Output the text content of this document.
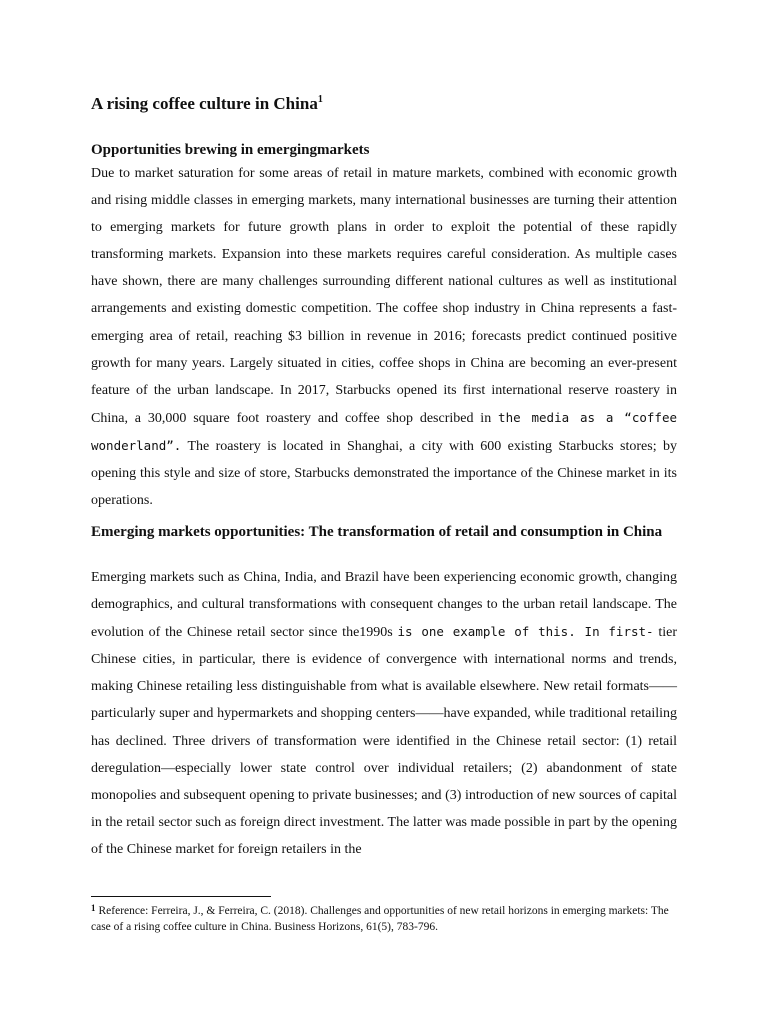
A rising coffee culture in China$^1$
Opportunities brewing in emergingmarkets

Due to market saturation for some areas of retail in mature markets, combined with economic growth and rising middle classes in emerging markets, many international businesses are turning their attention to emerging markets for future growth plans in order to exploit the potential of these rapidly transforming markets. Expansion into these markets requires careful consideration. As multiple cases have shown, there are many challenges surrounding different national cultures as well as institutional arrangements and existing domestic competition. The coffee shop industry in China represents a fast-emerging area of retail, reaching $3 billion in revenue in 2016; forecasts predict continued positive growth for many years. Largely situated in cities, coffee shops in China are becoming an ever-present feature of the urban landscape. In 2017, Starbucks opened its first international reserve roastery in China, a 30,000 square foot roastery and coffee shop described in the media as a “coffee wonderland”. The roastery is located in Shanghai, a city with 600 existing Starbucks stores; by opening this style and size of store, Starbucks demonstrated the importance of the Chinese market in its operations.

Emerging markets opportunities: The transformation of retail and consumption in China

Emerging markets such as China, India, and Brazil have been experiencing economic growth, changing demographics, and cultural transformations with consequent changes to the urban retail landscape. The evolution of the Chinese retail sector since the1990s is one example of this. In first- tier Chinese cities, in particular, there is evidence of convergence with international norms and trends, making Chinese retailing less distinguishable from what is available elsewhere. New retail formats——particularly super and hypermarkets and shopping centers——have expanded, while traditional retailing has declined. Three drivers of transformation were identified in the Chinese retail sector: (1) retail deregulation—especially lower state control over individual retailers; (2) abandonment of state monopolies and subsequent opening to private businesses; and (3) introduction of new sources of capital in the retail sector such as foreign direct investment. The latter was made possible in part by the opening of the Chinese market for foreign retailers in the

$^1$ Reference: Ferreira, J., & Ferreira, C. (2018). Challenges and opportunities of new retail horizons in emerging markets: The case of a rising coffee culture in China. Business Horizons, 61(5), 783-796.
